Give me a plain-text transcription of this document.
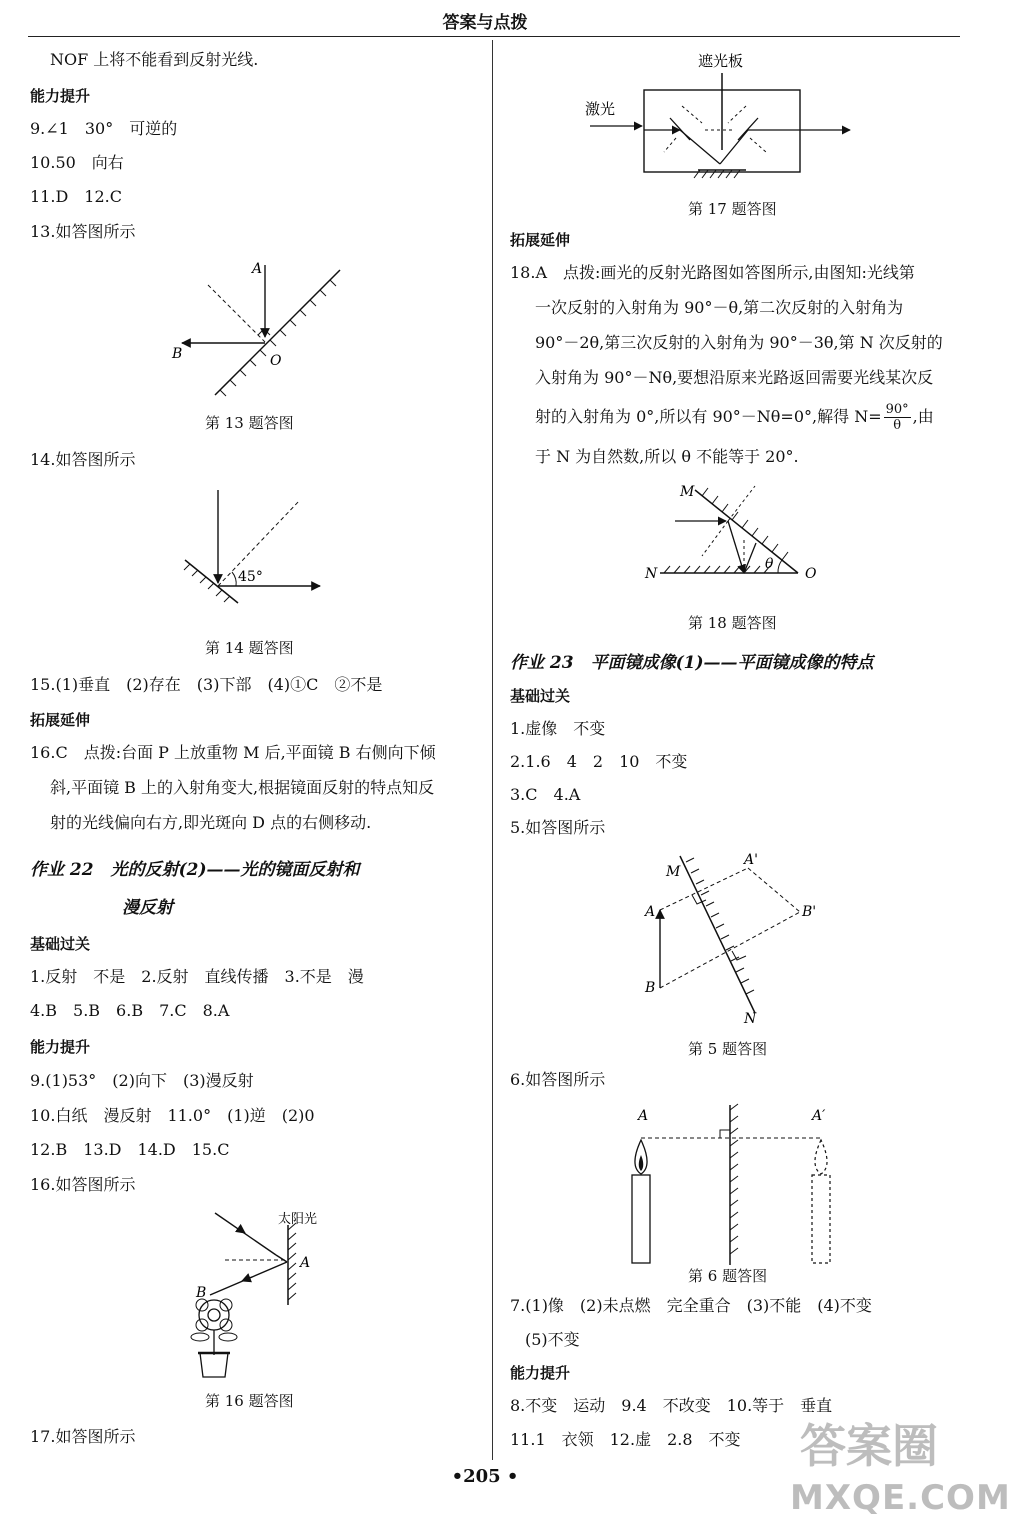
答案与点拨
NOF 上将不能看到反射光线.
能力提升
9.∠1　30°　可逆的
10.50　向右
11.D　12.C
13.如答图所示
A
B	O
第 13 题答图
14.如答图所示
45°
第 14 题答图
15.(1)垂直　(2)存在　(3)下部　(4)①C　②不是
拓展延伸
16.C　点拨:台面 P 上放重物 M 后,平面镜 B 右侧向下倾
斜,平面镜 B 上的入射角变大,根据镜面反射的特点知反
射的光线偏向右方,即光斑向 D 点的右侧移动.
作业 22　光的反射(2)——光的镜面反射和
漫反射
基础过关
1.反射　不是　2.反射　直线传播　3.不是　漫
4.B　5.B　6.B　7.C　8.A
能力提升
9.(1)53°　(2)向下　(3)漫反射
10.白纸　漫反射　11.0°　(1)逆　(2)0
12.B　13.D　14.D　15.C
16.如答图所示
太阳光
A
B
第 16 题答图
17.如答图所示
遮光板
激光
第 17 题答图
拓展延伸
18.A　点拨:画光的反射光路图如答图所示,由图知:光线第
一次反射的入射角为 90°－θ,第二次反射的入射角为
90°－2θ,第三次反射的入射角为 90°－3θ,第 N 次反射的
入射角为 90°－Nθ,要想沿原来光路返回需要光线某次反
射的入射角为 0°,所以有 90°－Nθ=0°,解得 $N= \frac{90^\circ}{\theta}$ ,由
于 N 为自然数,所以 θ 不能等于 20°.
M
N	O
θ
第 18 题答图
作业 23　平面镜成像(1)——平面镜成像的特点
基础过关
1.虚像　不变
2.1.6　4　2　10　不变
3.C　4.A
5.如答图所示
M
N
A
B
A'
B'
第 5 题答图
6.如答图所示
A	A′
第 6 题答图
7.(1)像　(2)未点燃　完全重合　(3)不能　(4)不变
(5)不变
能力提升
8.不变　运动　9.4　不改变　10.等于　垂直
11.1　衣领　12.虚　2.8　不变
•205 •
答案圈
MXQE.COM
